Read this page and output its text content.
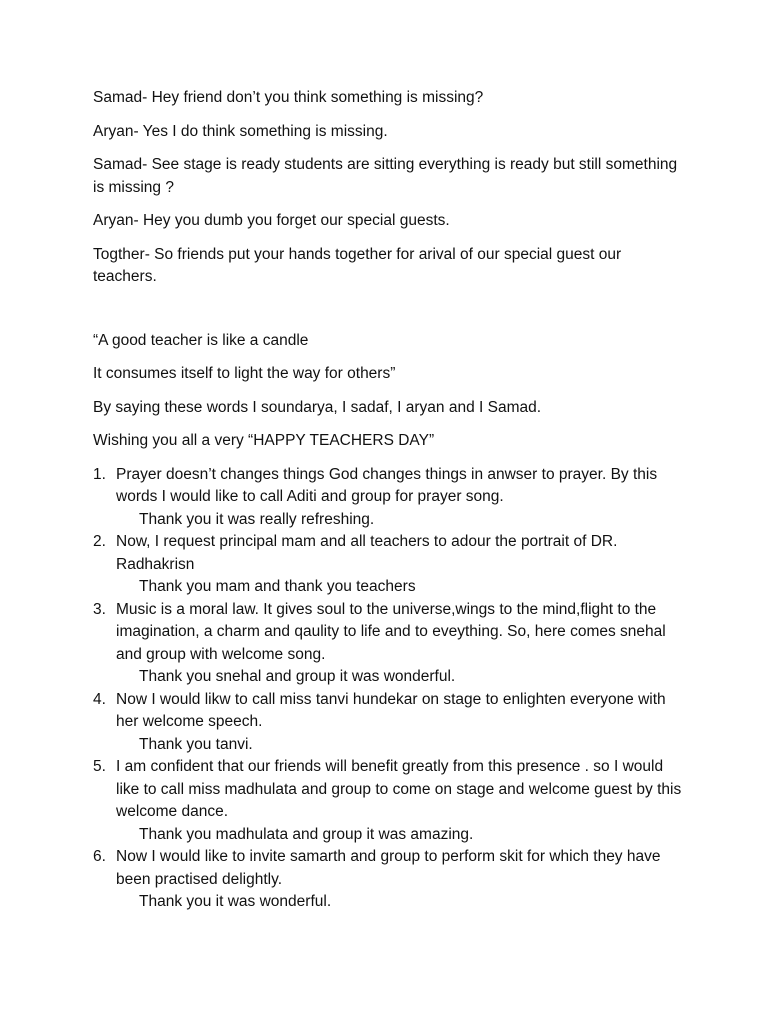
Samad- Hey friend don’t you think something is missing?

Aryan- Yes I do think something is missing.

Samad- See stage is ready students are sitting everything is ready but still something is missing ?

Aryan- Hey you dumb you forget our special guests.

Togther- So friends put your hands together for arival of our special guest our teachers.

“A good teacher is like a candle

It consumes itself to light the way for others”

By saying these words I soundarya, I sadaf, I aryan and I Samad.

Wishing you all a very “HAPPY TEACHERS DAY”

1. Prayer doesn’t changes things God changes things in anwser to prayer. By this words I would like to call Aditi and group for prayer song.
Thank you it was really refreshing.
2. Now, I request principal mam and all teachers to adour the portrait of DR. Radhakrisn
Thank you mam and thank you teachers
3. Music is a moral law. It gives soul to the universe,wings to the mind,flight to the imagination, a charm and qaulity to life and to eveything. So, here comes snehal and group with welcome song.
Thank you snehal and group it was wonderful.
4. Now I would likw to call miss tanvi hundekar on stage to enlighten everyone with her welcome speech.
Thank you tanvi.
5. I am confident that our friends will benefit greatly from this presence . so I would like to call miss madhulata and group to come on stage and welcome guest by this welcome dance.
Thank you madhulata and group it was amazing.
6. Now I would like to invite samarth and group to perform skit for which they have been practised delightly.
Thank you it was wonderful.
